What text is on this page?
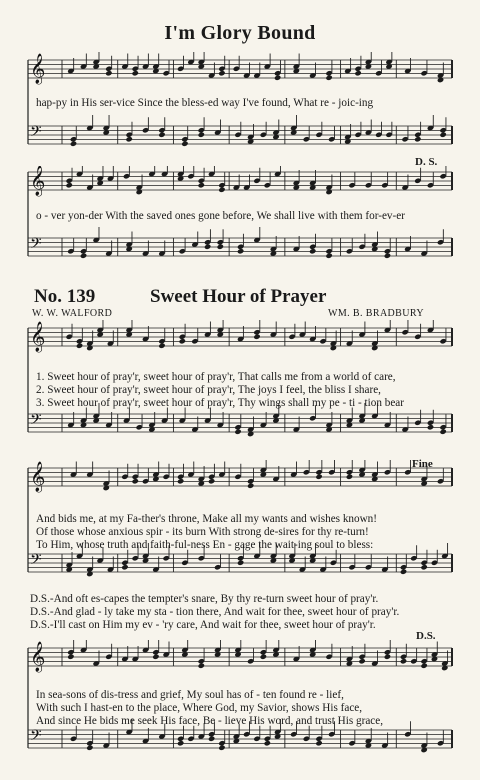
I'm Glory Bound
𝄞
𝄢
hap-py in His ser-vice Since the bless-ed way I've found, What re - joic-ing
D. S.
𝄞
𝄢
o - ver yon-der With the saved ones gone before, We shall live with them for-ev-er
No. 139	Sweet Hour of Prayer
W. W. WALFORD	WM. B. BRADBURY
𝄞
𝄢
1. Sweet hour of pray'r, sweet hour of pray'r, That calls me from a world of care,
2. Sweet hour of pray'r, sweet hour of pray'r, The joys I feel, the bliss I share,
3. Sweet hour of pray'r, sweet hour of pray'r, Thy wings shall my pe - ti - tion bear
Fine
𝄞
𝄢
And bids me, at my Fa-ther's throne, Make all my wants and wishes known!
Of those whose anxious spir - its burn With strong de-sires for thy re-turn!
To Him, whose truth and faith-ful-ness En - gage the wait-ing soul to bless:
D.S.-And oft es-capes the tempter's snare, By thy re-turn sweet hour of pray'r.
D.S.-And glad - ly take my sta - tion there, And wait for thee, sweet hour of pray'r.
D.S.-I'll cast on Him my ev - 'ry care, And wait for thee, sweet hour of pray'r.
D.S.
𝄞
𝄢
In sea-sons of dis-tress and grief, My soul has of - ten found re - lief,
With such I hast-en to the place, Where God, my Savior, shows His face,
And since He bids me seek His face, Be - lieve His word, and trust His grace,
